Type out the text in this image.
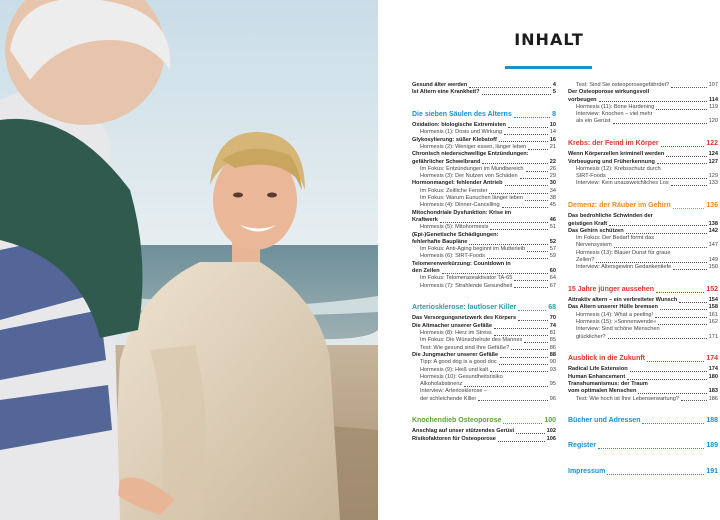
INHALT
Gesund älter werden	4
Ist Altern eine Krankheit?	5
Die sieben Säulen des Alterns	8
Oxidation: biologische Extremisten	10
Hormesis (1): Dosis und Wirkung	14
Glykosylierung: süßer Klebstoff	16
Hormesis (2): Weniger essen, länger leben	21
Chronisch niederschwellige Entzündungen:
gefährlicher Schwelbrand	22
Im Fokus: Entzündungen im Mundbereich	26
Hormesis (3): Der Nutzen von Schäden	29
Hormonmangel: fehlender Antrieb	30
Im Fokus: Zeitliche Fenster	34
Im Fokus: Warum Eunuchen länger leben	38
Hormesis (4): Dinner-Cancelling	45
Mitochondriale Dysfunktion: Krise im
Kraftwerk	46
Hormesis (5): Mitohormesis	51
(Epi-)Genetische Schädigungen:
fehlerhafte Baupläne	52
Im Fokus: Anti-Aging beginnt im Mutterleib	57
Hormesis (6): SIRT-Foods	59
Telomerenverkürzung: Countdown in
den Zellen	60
Im Fokus: Telomeraseaktivator TA-65	64
Hormesis (7): Strahlende Gesundheit	67
Arteriosklerose: lautloser Killer	68
Das Versorgungsnetzwerk des Körpers	70
Die Altmacher unserer Gefäße	74
Hormesis (8): Herz im Stress	81
Im Fokus: Die Wünschelrute des Mannes	85
Test: Wie gesund sind Ihre Gefäße?	86
Die Jungmacher unserer Gefäße	88
Tipp: A good dog is a good doc	90
Hormesis (9): Heiß und kalt	93
Hormesis (10): Gesundheitsrisiko
Alkoholabstinenz	95
Interview: Arteriosklerose –
der schleichende Killer	96
Knochendieb Osteoporose	100
Anschlag auf unser stützendes Gerüst	102
Risikofaktoren für Osteoporose	106
Test: Sind Sie osteoporosegefährdet?	107
Der Osteoporose wirkungsvoll
vorbeugen	114
Hormesis (11): Bone Hardening	119
Interview: Knochen – viel mehr
als ein Gerüst	120
Krebs: der Feind im Körper	122
Wenn Körperzellen kriminell werden	124
Vorbeugung und Früherkennung	127
Hormesis (12): Krebsschutz durch
SIRT-Foods	129
Interview: Kein unausweichliches Los	133
Demenz: der Räuber im Gehirn	136
Das bedrohliche Schwinden der
geistigen Kraft	138
Das Gehirn schützen	142
Im Fokus: Der Bedarf formt das
Nervensystem	147
Hormesis (13): Blauer Dunst für graue
Zellen?	149
Interview: Altersgewinn Gedankentiefe	150
15 Jahre jünger aussehen	152
Attraktiv altern – ein verbreiteter Wunsch	154
Das Altern unserer Hülle bremsen	158
Hormesis (14): What a peeling!	161
Hormesis (15): »Sonnenwende«	162
Interview: Sind schöne Menschen
glücklicher?	171
Ausblick in die Zukunft	174
Radical Life Extension	174
Human Enhancement	180
Transhumanismus: der Traum
vom optimalen Menschen	183
Test: Wie hoch ist Ihre Lebenserwartung?	186
Bücher und Adressen	188
Register	189
Impressum	191
